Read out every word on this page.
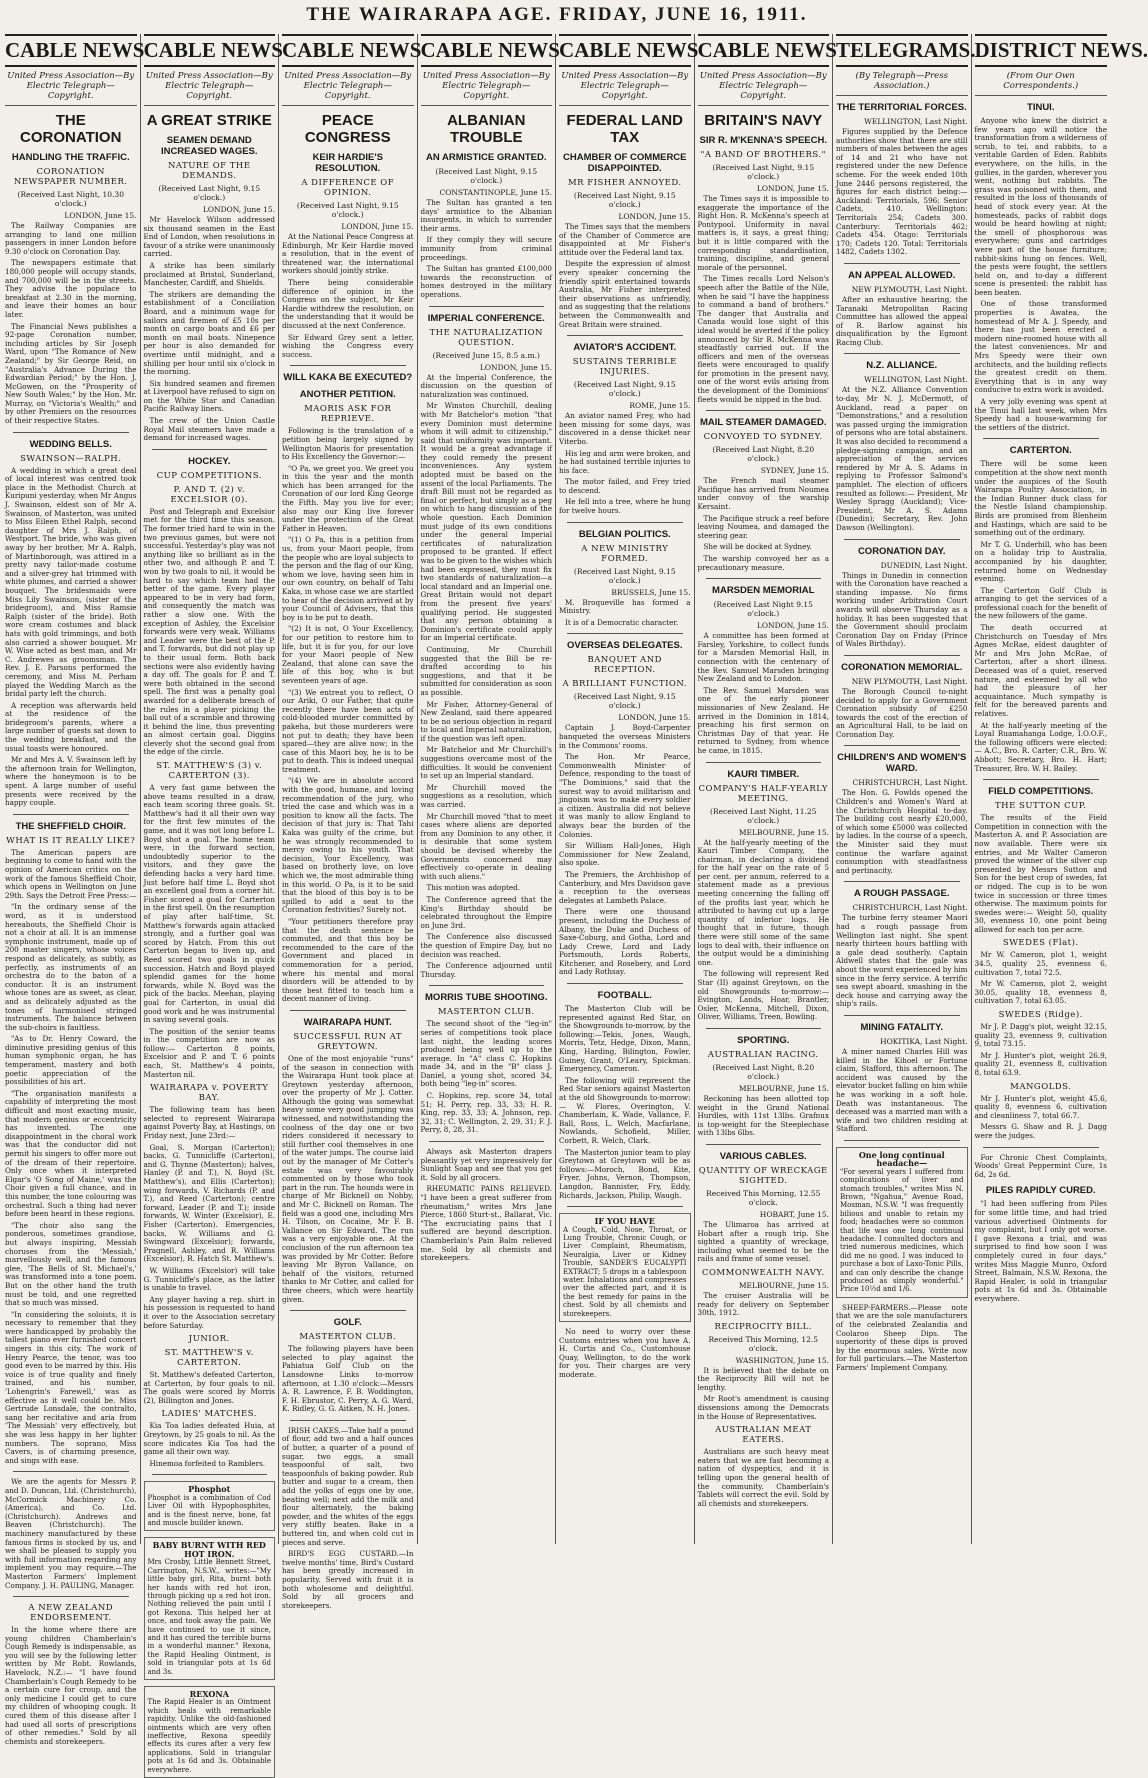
THE WAIRARAPA AGE. FRIDAY, JUNE 16, 1911.
CABLE NEWS
United Press Association—By Electric Telegraph—Copyright.
THE CORONATION
HANDLING THE TRAFFIC.
CORONATION NEWSPAPER NUMBER.
(Received Last Night, 10.30 o'clock.)
LONDON, June 15.
The Railway Companies are arranging to land one million passengers in inner London before 9.30 o'clock on Coronation Day.
The newspapers estimate that 180,000 people will occupy stands, and 700,000 will be in the streets. They advise the populace to breakfast at 2.30 in the morning, and leave their homes an hour later.
The Financial News publishes a 92-page Coronation number, including articles by Sir Joseph Ward, upon "The Romance of New Zealand;" by Sir George Reid, on "Australia's Advance During the Edwardian Period;" by the Hon. J. McGowen, on the "Prosperity of New South Wales;" by the Hon. Mr. Murray, on "Victoria's Wealth;" and by other Premiers on the resources of their respective States.
WEDDING BELLS.
SWAINSON—RALPH.
A wedding in which a great deal of local interest was centred took place in the Methodist Church at Kuripuni yesterday, when Mr Angus J. Swainson, eldest son of Mr A. Swainson, of Masterton, was united to Miss Eileen Ethel Ralph, second daughter of Mrs J. Ralph, of Westport. The bride, who was given away by her brother, Mr A. Ralph, of Martinborough, was attired in a pretty navy tailor-made costume and a silver-grey hat trimmed with white plumes, and carried a shower bouquet. The bridesmaids were Miss Lily Swainson, (sister of the bridegroom), and Miss Ramsie Ralph (sister of the bride). Both wore cream costumes and black hats with gold trimmings, and both also carried a shower bouquet. Mr W. Wise acted as best man, and Mr C. Andrewes as groomsman. The Rev. J. E. Parsons performed the ceremony, and Miss M. Perham played the Wedding March as the bridal party left the church.
A reception was afterwards held at the residence of the bridegroom's parents, where a large number of guests sat down to the wedding breakfast, and the usual toasts were honoured.
Mr and Mrs A. V. Swainson left by the afternoon train for Wellington, where the honeymoon is to be spent. A large number of useful presents were received by the happy couple.
THE SHEFFIELD CHOIR.
WHAT IS IT REALLY LIKE?
The American papers are beginning to come to hand with the opinion of American critics on the work of the famous Sheffield Choir, which opens in Wellington on June 29th. Says the Detroit Free Press:—
"In the ordinary sense of the word, as it is understood hereabouts, the Sheffield Choir is not a choir at all. It is an immense symphonic instrument, made up of 200 master singers, whose voices respond as delicately, as subtly, as perfectly, as instruments of an orchestra do to the baton of a conductor. It is an instrument whose tones are as sweet, as clear, and as delicately adjusted as the tones of harmonised stringed instruments. The balance between the sub-choirs is faultless.
"As to Dr. Henry Coward, the diminutive presiding genius of this human symphonic organ, he has temperament, mastery and both poetic appreciation of the possibilities of his art.
"The organisation manifests a capability of interpreting the most difficult and most exacting music, that modern genius or eccentricity has invented. The one disappointment in the choral work was that the conductor did not permit his singers to offer more out of the dream of their repertoire. Only once when it interpreted Elgar's 'O Song of Maine,' was the Choir given a full chance, and in this number, the tone colouring was orchestral. Such a thing had never before been heard in these regions.
"The choir also sang the ponderous, sometimes grandiose, but always inspiring, Messiah choruses from the 'Messiah,' marvellously well, and the famous glee, 'The Bells of St. Michael's,' was transformed into a tone poem. But on the other hand the truth must be told, and one regretted that so much was missed.
"In considering the soloists, it is necessary to remember that they were handicapped by probably the tallest piano ever furnished concert singers in this city. The work of Henry Pearce, the tenor, was too good even to be marred by this. His voice is of true quality and finely trained, and his number, 'Lohengrin's Farewell,' was as effective as it well could be. Miss Gertrude Lonsdale, the contralto, sang her recitative and aria from 'The Messiah' very effectively, but she was less happy in her lighter numbers. The soprano, Miss Cavers, is of charming presence, and sings with ease.
We are the agents for Messrs P. and D. Duncan, Ltd. (Christchurch), McCormick Machinery Co. (America), and Co. Ltd. (Christchurch). Andrews and Beaven (Christchurch). The machinery manufactured by these famous firms is stocked by us, and we shall be pleased to supply you with full information regarding any implement you may require.—The Masterton Farmers' Implement Company. J. H. PAULING, Manager.
A NEW ZEALAND ENDORSEMENT.
In the home where there are young children Chamberlain's Cough Remedy is indispensable, as you will see by the following letter written by Mr Robt. Rowlands, Havelock, N.Z.:— "I have found Chamberlain's Cough Remedy to be a certain cure for croup, and the only medicine I could get to cure my children of whooping cough. It cured them of this disease after I had used all sorts of prescriptions of other remedies." Sold by all chemists and storekeepers.
CABLE NEWS
United Press Association—By Electric Telegraph—Copyright.
A GREAT STRIKE
SEAMEN DEMAND INCREASED WAGES.
NATURE OF THE DEMANDS.
(Received Last Night, 9.15 o'clock.)
LONDON, June 15.
Mr Havelock Wilson addressed six thousand seamen in the East End of London, when resolutions in favour of a strike were unanimously carried.
A strike has been similarly proclaimed at Bristol, Sunderland, Manchester, Cardiff, and Shields.
The strikers are demanding the establishment of a Conciliation Board, and a minimum wage for sailors and firemen of £5 10s per month on cargo boats and £6 per month on mail boats. Ninepence per hour is also demanded for overtime until midnight, and a shilling per hour until six o'clock in the morning.
Six hundred seamen and firemen at Liverpool have refused to sign on on the White Star and Canadian Pacific Railway liners.
The crew of the Union Castle Royal Mail steamers have made a demand for increased wages.
HOCKEY.
CUP COMPETITIONS.
P. AND T. (2) v. EXCELSIOR (0).
Post and Telegraph and Excelsior met for the third time this season. The former tried hard to win in the two previous games, but were not successful. Yesterday's play was not anything like so brilliant as in the other two, and although P. and T. won by two goals to nil, it would be hard to say which team had the better of the game. Every player appeared to be in very bad form, and consequently the match was rather a slow one. With the exception of Ashley, the Excelsior forwards were very weak. Williams and Leader were the best of the P. and T. forwards, but did not play up to their usual form. Both back sections were also evidently having a day off. The goals for P. and T. were both obtained in the second spell. The first was a penalty goal awarded for a deliberate breach of the rules in a player picking the ball out of a scramble and throwing it behind the line, thus preventing an almost certain goal. Diggins cleverly shot the second goal from the edge of the circle.
ST. MATTHEW'S (3) v. CARTERTON (3).
A very fast game between the above teams resulted in a draw, each team scoring three goals. St. Matthew's had it all their own way for the first few minutes of the game, and it was not long before L. Boyd shot a goal. The home team were, in the forward section, undoubtedly superior to the visitors, and they gave the defending backs a very hard time. Just before half time L. Boyd shot an excellent goal from a corner hit. Fisher scored a goal for Carterton in the first spell. On the resumption of play after half-time, St. Matthew's forwards again attacked strongly, and a further goal was scored by Hatch. From this out Carterton began to liven up, and Reed scored two goals in quick succession. Hatch and Boyd played splendid games for the home forwards, while N. Boyd was the pick of the backs. Meehan, playing goal for Carterton, in usual did good work and he was instrumental in saving several goals.
The position of the senior teams in the competition are now as follow:— Carterton 8 points, Excelsior and P. and T. 6 points each, St. Matthew's 4 points, Masterton nil.
WAIRARAPA v. POVERTY BAY.
The following team has been selected to represent Wairarapa against Poverty Bay, at Hastings, on Friday next, June 23rd:—
Goal, S. Morgan (Carterton); backs, G. Tunnicliffe (Carterton), and G. Thynne (Masterton); halves, Hanley (P. and T.), N. Boyd (St. Matthew's), and Ellis (Carterton); wing forwards, V. Richards (P. and T.), and Reed (Carterton); centre forward, Leader (P. and T.); inside forwards, W. Winter (Excelsior), E. Fisher (Carterton). Emergencies, backs, W. Williams and G. Swingward (Excelsior); forwards, Pragnell, Ashley, and R. Williams (Excelsior), R. Hatch St. Matthew's.
W. Williams (Excelsior) will take G. Tunnicliffe's place, as the latter is unable to travel.
Any player having a rep. shirt in his possession is requested to hand it over to the Association secretary before Saturday.
JUNIOR.
ST. MATTHEW'S v. CARTERTON.
St. Matthew's defeated Carterton, at Carterton, by four goals to nil. The goals were scored by Morris (2), Billington and Jones.
LADIES' MATCHES.
Kia Toa ladies defeated Huia, at Greytown, by 25 goals to nil. As the score indicates Kia Toa had the game all their own way.
Hinemoa forfeited to Ramblers.
Phosphot
Phosphot is a combination of Cod Liver Oil with Hypophosphites, and is the finest nerve, bone, fat and muscle builder known.
BABY BURNT WITH RED HOT IRON.
Mrs Crosby, Little Bennett Street, Carrington, N.S.W., writes:—"My little baby girl, Rita, burnt both her hands with red hot iron, through picking up a red hot iron. Nothing relieved the pain until I got Rexona. This helped her at once, and took away the pain. We have continued to use it since, and it has cured the terrible burns in a wonderful manner." Rexona, the Rapid Healing Ointment, is sold in triangular pots at 1s 6d and 3s.
REXONA
The Rapid Healer is an Ointment which heals with remarkable rapidity. Unlike the old-fashioned ointments which are very often ineffective, Rexona speedily effects its cures after a very few applications. Sold in triangular pots at 1s 6d and 3s. Obtainable everywhere.
CABLE NEWS
United Press Association—By Electric Telegraph—Copyright.
PEACE CONGRESS
KEIR HARDIE'S RESOLUTION.
A DIFFERENCE OF OPINION.
(Received Last Night, 9.15 o'clock.)
LONDON, June 15.
At the National Peace Congress at Edinburgh, Mr Keir Hardie moved a resolution, that in the event of threatened war, the international workers should jointly strike.
There being considerable difference of opinion in the Congress on the subject, Mr Keir Hardie withdrew the resolution, on the understanding that it would be discussed at the next Conference.
Sir Edward Grey sent a letter, wishing the Congress every success.
WILL KAKA BE EXECUTED?
ANOTHER PETITION.
MAORIS ASK FOR REPRIEVE.
Following is the translation of a petition being largely signed by Wellington Maoris for presentation to His Excellency the Governor:—
"O Pa, we greet you. We greet you in this the year and the month which has been arranged for the Coronation of our lord King George the Fifth. May you live for ever; also may our King live forever under the protection of the Great Father in Heaven.
"(1) O Pa, this is a petition from us, from your Maori people, from the people who are loyal subjects to the person and the flag of our King, whom we love, having seen him in our own country, on behalf of Tahi Kaka, in whose case we are startled to hear of the decision arrived at by your Council of Advisers, that this boy is to be put to death.
"(2) It is not, O Your Excellency, for our petition to restore him to life, but it is for you, for our love for your Maori people of New Zealand, that alone can save the life of this boy, who is but seventeen years of age.
"(3) We entreat you to reflect, O our Ariki, O our Father, that quite recently there have been acts of cold-blooded murder committed by pakeha, but those murderers were not put to death; they have been spared—they are alive now; in the case of this Maori boy, he is to be put to death. This is indeed unequal treatment.
"(4) We are in absolute accord with the good, humane, and loving recommendation of the jury, who tried the case and which was in a position to know all the facts. The decision of that jury is: That Tahi Kaka was guilty of the crime, but he was strongly recommended to mercy owing to his youth. That decision, Your Excellency, was based on brotherly love, on love which we, the most admirable thing in this world. O Pa, is it to be said that the blood of this boy is to be spilled to add a seat to the Coronation festivities? Surely not.
"Your petitioners therefore pray that the death sentence be commuted, and that this boy be recommended to the care of the Government and placed in commemoration for a period, where his mental and moral disorders will be attended to by those best fitted to teach him a decent manner of living.
WAIRARAPA HUNT.
SUCCESSFUL RUN AT GREYTOWN.
One of the most enjoyable "runs" of the season in connection with the Wairarapa Hunt took place at Greytown yesterday afternoon, over the property of Mr J. Cotter. Although the going was somewhat heavy some very good jumping was witnessed, and notwithstanding the coolness of the day one or two riders considered it necessary to still further cool themselves in one of the water jumps. The course laid out by the manager of Mr Cotter's estate was very favourably commented on by those who took part in the run. The hounds were in charge of Mr Bicknell on Nobby, and Mr C. Bicknell on Roman. The field was a good one, including Mrs H. Tilson, on Cocaine, Mr F. B. Vallance on Sir Edward. The run was a very enjoyable one. At the conclusion of the run afternoon tea was provided by Mr Cotter. Before leaving Mr Byron Vallance, on behalf of the visitors, returned thanks to Mr Cotter, and called for three cheers, which were heartily given.
GOLF.
MASTERTON CLUB.
The following players have been selected to play against the Pahiatua Golf Club on the Lansdowne Links to-morrow afternoon, at 1.30 o'clock:—Messrs A. R. Lawrence, F. B. Woddington, F. H. Ebrustor, C. Perry, A. G. Ward, K. Ridley, G. G. Aitken, N. H. Jones.
IRISH CAKES.—Take half a pound of flour, add two and a half ounces of butter, a quarter of a pound of sugar, two eggs, a small teaspoonful of salt, two teaspoonfuls of baking powder. Rub butter and sugar to a cream, then add the yolks of eggs one by one, beating well; next add the milk and flour alternately, the baking powder, and the whites of the eggs very stiffly beaten. Bake in a buttered tin, and when cold cut in pieces and serve.
BIRD'S EGG CUSTARD.—In twelve months' time, Bird's Custard has been greatly increased in popularity. Served with fruit it is both wholesome and delightful. Sold by all grocers and storekeepers.
CABLE NEWS
United Press Association—By Electric Telegraph—Copyright.
ALBANIAN TROUBLE
AN ARMISTICE GRANTED.
(Received Last Night, 9.15 o'clock.)
CONSTANTINOPLE, June 15.
The Sultan has granted a ten days' armistice to the Albanian insurgents, in which to surrender their arms.
If they comply they will secure immunity from criminal proceedings.
The Sultan has granted £100,000 towards the reconstruction of homes destroyed in the military operations.
IMPERIAL CONFERENCE.
THE NATURALIZATION QUESTION.
(Received June 15, 8.5 a.m.)
LONDON, June 15.
At the Imperial Conference, the discussion on the question of naturalization was continued.
Mr Winston Churchill, dealing with Mr Batchelor's motion "that every Dominion must determine whom it will admit to citizenship," said that uniformity was important. It would be a great advantage if they could remedy the present inconveniences. Any system adopted must be based on the assent of the local Parliaments. The draft Bill must not be regarded as final or perfect, but simply as a peg on which to hang discussion of the whole question. Each Dominion must judge of its own conditions under the general Imperial certificates of naturalization proposed to be granted. If effect was to be given to the wishes which had been expressed, they must fix two standards of naturalization—a local standard and an Imperial one. Great Britain would not depart from the present five years' qualifying period. He suggested that any person obtaining a Dominion's certificate could apply for an Imperial certificate.
Continuing, Mr Churchill suggested that the Bill be re-drafted according to his suggestions, and that it be submitted for consideration as soon as possible.
Mr Fisher, Attorney-General of New Zealand, said there appeared to be no serious objection in regard to local and Imperial naturalization, if the question was left open.
Mr Batchelor and Mr Churchill's suggestions overcame most of the difficulties. It would be convenient to set up an Imperial standard.
Mr Churchill moved the suggestions as a resolution, which was carried.
Mr Churchill moved "that to meet cases where aliens are deported from any Dominion to any other, it is desirable that some system should be devised whereby the Governments concerned may effectively co-operate in dealing with such aliens."
This motion was adopted.
The Conference agreed that the King's Birthday should be celebrated throughout the Empire on June 3rd.
The Conference also discussed the question of Empire Day, but no decision was reached.
The Conference adjourned until Thursday.
MORRIS TUBE SHOOTING.
MASTERTON CLUB.
The second shoot of the "leg-in" series of competitions took place last night, the leading scores produced being well up to the average. In "A" class C. Hopkins made 34, and in the "B" class J. Daniel, a young shot, scored 34, both being "leg-in" scores.
C. Hopkins, rep. score 34, total 51; H. Perry, rep. 33, 33; H. R. King, rep. 33, 33; A. Johnson, rep. 32, 31; C. Wellington, 2, 29, 31; F. J. Perry, 8, 28, 31.
Always ask Masterton drapers pleasantly yet very impressively for Sunlight Soap and see that you get it. Sold by all grocers.
RHEUMATIC PAINS RELIEVED. "I have been a great sufferer from rheumatism," writes Mrs Jane Pierce, 1860 Sturt-st., Ballarat, Vic. "The excruciating pains that I suffered are beyond description. Chamberlain's Pain Balm relieved me. Sold by all chemists and storekeepers.
CABLE NEWS
United Press Association—By Electric Telegraph—Copyright.
FEDERAL LAND TAX
CHAMBER OF COMMERCE DISAPPOINTED.
MR FISHER ANNOYED.
(Received Last Night, 9.15 o'clock.)
LONDON, June 15.
The Times says that the members of the Chamber of Commerce are disappointed at Mr Fisher's attitude over the Federal land tax.
Despite the expression of almost every speaker concerning the friendly spirit entertained towards Australia, Mr Fisher interpreted their observations as unfriendly, and as suggesting that the relations between the Commonwealth and Great Britain were strained.
AVIATOR'S ACCIDENT.
SUSTAINS TERRIBLE INJURIES.
(Received Last Night, 9.15 o'clock.)
ROME, June 15.
An aviator named Frey, who had been missing for some days, was discovered in a dense thicket near Viterbo.
His leg and arm were broken, and he had sustained terrible injuries to his face.
The motor failed, and Frey tried to descend.
He fell into a tree, where he hung for twelve hours.
BELGIAN POLITICS.
A NEW MINISTRY FORMED.
(Received Last Night, 9.15 o'clock.)
BRUSSELS, June 15.
M. Broqueville has formed a Ministry.
It is of a Democratic character.
OVERSEAS DELEGATES.
BANQUET AND RECEPTION.
A BRILLIANT FUNCTION.
(Received Last Night, 9.15 o'clock.)
LONDON, June 15.
Captain J. Boyd-Carpenter banqueted the overseas Ministers in the Commons' rooms.
The Hon. Mr Pearce, Commonwealth Minister of Defence, responding to the toast of "The Dominions," said that the surest way to avoid militarism and jingoism was to make every soldier a citizen. Australia did not believe it was manly to allow England to always bear the burden of the Colonies.
Sir William Hall-Jones, High Commissioner for New Zealand, also spoke.
The Premiers, the Archbishop of Canterbury, and Mrs Davidson gave a reception to the overseas delegates at Lambeth Palace.
There were one thousand present, including the Duchess of Albany, the Duke and Duchess of Saxe-Coburg, and Gotha, Lord and Lady Crewe, Lord and Lady Portsmouth, Lords Roberts, Kitchener, and Rosebery, and Lord and Lady Rothsay.
FOOTBALL.
The Masterton Club will be represented against Red Star, on the Showgrounds to-morrow, by the following:—Tekis, Jones, Waugh, Morris, Tetz, Hedge, Dixon, Mann, King, Harding, Bilington, Fowler, Guiney, Grant, O'Leary, Spickman. Emergency, Cameron.
The following will represent the Red Star seniors against Masterton at the old Showgrounds to-morrow:— W. Flores, Overington, V. Chamberlain, K. Wade, Vallance, F. Ball, Ross, L. Welch, Macfarlane, Nowlands, Schofield, Miller, Corbett, R. Welch, Clark.
The Masterton junior team to play Greytown at Greytown will be as follows:—Moroch, Bond, Kite, Fryer, Johns, Vernon, Thompson, Langdon, Bannister, Fry, Eddy, Richards, Jackson, Philip, Waugh.
IF YOU HAVE
A Cough, Cold, Nose, Throat, or Lung Trouble, Chronic Cough, or Liver Complaint, Rheumatism, Neuralgia, Liver or Kidney Trouble, SANDER'S EUCALYPTI EXTRACT; 5 drops in a tablespoon water. Inhalations and compresses over the affected part, and it is the best remedy for pains in the chest. Sold by all chemists and storekeepers.
No need to worry over these Customs entries when you have A. H. Curtis and Co., Customhouse Quay, Wellington, to do the work for you. Their charges are very moderate.
CABLE NEWS
United Press Association—By Electric Telegraph—Copyright.
BRITAIN'S NAVY
SIR R. M'KENNA'S SPEECH.
"A BAND OF BROTHERS."
(Received Last Night, 9.15 o'clock.)
LONDON, June 15.
The Times says it is impossible to exaggerate the importance of the Right Hon. R. McKenna's speech at Pontypool. Uniformity in naval matters is, it says, a great thing; but it is little compared with the corresponding standardisation, training, discipline, and general morale of the personnel.
The Times recalls Lord Nelson's speech after the Battle of the Nile, when he said "I have the happiness to command a band of brothers." The danger that Australia and Canada would lose sight of this ideal would be averted if the policy announced by Sir R. McKenna was steadfastly carried out. If the officers and men of the overseas fleets were encouraged to qualify for promotion in the present navy, one of the worst evils arising from the development of the Dominions' fleets would be nipped in the bud.
MAIL STEAMER DAMAGED.
CONVOYED TO SYDNEY.
(Received Last Night, 8.20 o'clock.)
SYDNEY, June 15.
The French mail steamer Pacifique has arrived from Noumea under convoy of the warship Kersaint.
The Pacifique struck a reef before leaving Noumea, and damaged the steering gear.
She will be docked at Sydney.
The warship convoyed her as a precautionary measure.
MARSDEN MEMORIAL
(Received Last Night 9.15 o'clock.)
LONDON, June 15.
A committee has been formed at Farsley, Yorkshire, to collect funds for a Marsden Memorial Hall, in connection with the centenary of the Rev. Samuel Marsden bringing New Zealand and to London.
The Rev. Samuel Marsden was one of the early pioneer missionaries of New Zealand. He arrived in the Dominion in 1814, preaching his first sermon on Christmas Day of that year. He returned to Sydney, from whence he came, in 1815.
KAURI TIMBER.
COMPANY'S HALF-YEARLY MEETING.
(Received Last Night, 11.25 o'clock.)
MELBOURNE, June 15.
At the half-yearly meeting of the Kauri Timber Company, the chairman, in declaring a dividend for the half year on the rate of 5 per cent. per annum, referred to a statement made as a previous meeting concerning the falling off of the profits last year, which he attributed to having cut up a large quantity of inferior logs. He thought that in future, though there were still some of the same logs to deal with, their influence on the output would be a diminishing one.
The following will represent Red Star (II) against Greytown, on the old Showgrounds to-morrow:—Evington, Lands, Hoar, Brantler, Osler, McKenna, Mitchell, Dixon, Oliver, Williams, Treen, Bowling.
SPORTING.
AUSTRALIAN RACING.
(Received Last Night, 8.20 o'clock.)
MELBOURNE, June 15.
Reckoning has been allotted top weight in the Grand National Hurdles, with 11st 13lbs. Grafnux is top-weight for the Steeplechase with 13lbs 6lbs.
VARIOUS CABLES.
QUANTITY OF WRECKAGE SIGHTED.
Received This Morning, 12.55 o'clock.
HOBART, June 15.
The Ulimaroa has arrived at Hobart after a rough trip. She sighted a quantity of wreckage, including what seemed to be the rails and frame of some vessel.
COMMONWEALTH NAVY.
MELBOURNE, June 15.
The cruiser Australia will be ready for delivery on September 30th, 1912.
RECIPROCITY BILL.
Received This Morning, 12.5 o'clock.
WASHINGTON, June 15.
It is believed that the debate on the Reciprocity Bill will not be lengthy.
Mr Root's amendment is causing dissensions among the Democrats in the House of Representatives.
AUSTRALIAN MEAT EATERS.
Australians are such heavy meat eaters that we are fast becoming a nation of dyspeptics, and it is telling upon the general health of the community. Chamberlain's Tablets will correct the evil. Sold by all chemists and storekeepers.
TELEGRAMS.
(By Telegraph—Press Association.)
THE TERRITORIAL FORCES.
WELLINGTON, Last Night.
Figures supplied by the Defence authorities show that there are still numbers of males between the ages of 14 and 21 who have not registered under the new Defence scheme. For the week ended 10th June 2446 persons registered, the figures for each district being:—Auckland: Territorials, 596; Senior Cadets, 410. Wellington: Territorials 254; Cadets 300. Canterbury: Territorials 462; Cadets 454. Otago: Territorials 170; Cadets 120. Total: Territorials 1482, Cadets 1302.
AN APPEAL ALLOWED.
NEW PLYMOUTH, Last Night.
After an exhaustive hearing, the Taranaki Metropolitan Racing Committee has allowed the appeal of R. Barlow against his disqualification by the Egmont Racing Club.
N.Z. ALLIANCE.
WELLINGTON, Last Night.
At the N.Z. Alliance Convention to-day, Mr N. J. McDermott, of Auckland, read a paper on "Demonstrations," and a resolution was passed urging the immigration of persons who are total abstainers. It was also decided to recommend a pledge-signing campaign, and an appreciation of the services rendered by Mr A. S. Adams in replying to Professor Salmond's pamphlet. The election of officers resulted as follows:— President, Mr Wesley Spragg (Auckland); Vice-President, Mr A. S. Adams (Dunedin); Secretary, Rev. John Dawson (Wellington).
CORONATION DAY.
DUNEDIN, Last Night.
Things in Dunedin in connection with the Coronation have reached a standing impasse. No firms working under Arbitration Court awards will observe Thursday as a holiday. It has been suggested that the Government should proclaim Coronation Day on Friday (Prince of Wales Birthday).
CORONATION MEMORIAL.
NEW PLYMOUTH, Last Night.
The Borough Council to-night decided to apply for a Government Coronation subsidy of £250 towards the cost of the erection of an Agricultural Hall, to be laid on Coronation Day.
CHILDREN'S AND WOMEN'S WARD.
CHRISTCHURCH, Last Night.
The Hon. G. Fowlds opened the Children's and Women's Ward at the Christchurch Hospital to-day. The building cost nearly £20,000, of which some £5000 was collected by ladies. In the course of a speech, the Minister said they must continue the warfare against consumption with steadfastness and pertinacity.
A ROUGH PASSAGE.
CHRISTCHURCH, Last Night.
The turbine ferry steamer Maori had a rough passage from Wellington last night. She spent nearly thirteen hours battling with a gale dead southerly. Captain Aldwell states that the gale was about the worst experienced by him since in the ferry service. A terrific sea swept aboard, smashing in the deck house and carrying away the ship's rails.
MINING FATALITY.
HOKITIKA, Last Night.
A miner named Charles Hill was killed in the Kihoel or Fortune claim, Stafford, this afternoon. The accident was caused by the elevator bucket falling on him while he was working in a soft hole. Death was instantaneous. The deceased was a married man with a wife and two children residing at Stafford.
One long continual headache—
"For several years I suffered from complications of liver and stomach troubles," writes Miss N. Brown, "Ngahua," Avenue Road, Mosman, N.S.W. "I was frequently bilious and unable to retain my food; headaches were so common that life was one long continual headache. I consulted doctors and tried numerous medicines, which did me no good. I was induced to purchase a box of Laxo-Tonic Pills, and can only describe the change produced as simply wonderful." Price 10½d and 1/6.
SHEEP-FARMERS.—Please note that we are the sole manufacturers of the celebrated Zealandia and Coolaroo Sheep Dips. The superiority of these dips is proved by the enormous sales. Write now for full particulars.—The Masterton Farmers' Implement Company.
DISTRICT NEWS.
(From Our Own Correspondents.)
TINUI.
Anyone who knew the district a few years ago will notice the transformation from a wilderness of scrub, to tei, and rabbits, to a veritable Garden of Eden. Rabbits everywhere, on the hills, in the gullies, in the garden, wherever you went, nothing but rabbits. The grass was poisoned with them, and resulted in the loss of thousands of head of stock every year. At the homesteads, packs of rabbit dogs would be heard howling at night; the smell of phosphorous was everywhere; guns and cartridges were part of the house furniture; rabbit-skins hung on fences. Well, the pests were fought, the settlers held on, and to-day a different scene is presented: the rabbit has been beaten.
One of those transformed properties is Awatea, the homestead of Mr A. J. Speedy, and there has just been erected a modern nine-roomed house with all the latest conveniences. Mr and Mrs Speedy were their own architects, and the building reflects the greatest credit on them. Everything that is in any way conducive to extra work is avoided.
A very jolly evening was spent at the Tinui hall last week, when Mrs Speedy had a house-warming for the settlers of the district.
CARTERTON.
There will be some keen competition at the show next month under the auspices of the South Wairarapa Poultry Association, in the Indian Runner duck class for the Nestle Island championship. Birds are promised from Blenheim and Hastings, which are said to be something out of the ordinary.
Mr T. G. Underhill, who has been on a holiday trip to Australia, accompanied by his daughter, returned home on Wednesday evening.
The Carterton Golf Club is arranging to get the services of a professional coach for the benefit of the new followers of the game.
The death occurred at Christchurch on Tuesday of Mrs Agnes McRae, eldest daughter of Mr and Mrs John McRae, of Carterton, after a short illness. Deceased was of a quiet, reserved nature, and esteemed by all who had the pleasure of her acquaintance. Much sympathy is felt for the bereaved parents and relatives.
At the half-yearly meeting of the Loyal Ruamahanga Lodge, I.O.O.F., the following officers were elected:— A.C., Bro. R. Carter; C.R., Bro. W. Abbott; Secretary, Bro. H. Hart; Treasurer, Bro. W. H. Bailey.
FIELD COMPETITIONS.
THE SUTTON CUP.
The results of the Field Competition in connection with the Masterton A. and P. Association are now available. There were six entries, and Mr Walter Cameron proved the winner of the silver cup presented by Messrs Sutton and Son for the best crop of swedes, fat or ridged. The cup is to be won twice in succession or three times otherwise. The maximum points for swedes were:— Weight 50, quality 30, evenness 10, one point being allowed for each ton per acre.
SWEDES (Flat).
Mr W. Cameron, plot 1, weight 34.5, quality 25, evenness 6, cultivation 7, total 72.5.
Mr W. Cameron, plot 2, weight 30.05, quality 18, evenness 8, cultivation 7, total 63.05.
SWEDES (Ridge).
Mr J. P. Dagg's plot, weight 32.15, quality 23, evenness 9, cultivation 9, total 73.15.
Mr J. Hunter's plot, weight 26.9, quality 21, evenness 8, cultivation 8, total 63.9.
MANGOLDS.
Mr J. Hunter's plot, weight 45.6, quality 8, evenness 6, cultivation and cleanliness 7, total 66.7.
Messrs G. Shaw and R. J. Dagg were the judges.
For Chronic Chest Complaints, Woods' Great Peppermint Cure, 1s 6d, 2s 6d.
PILES RAPIDLY CURED.
"I had been suffering from Piles for some little time, and had tried various advertised Ointments for my complaint, but I only got worse. I gave Rexona a trial, and was surprised to find how soon I was completely cured in four days," writes Miss Maggie Munro, Oxford Street, Balmain, N.S.W. Rexona, the Rapid Healer, is sold in triangular pots at 1s 6d and 3s. Obtainable everywhere.
